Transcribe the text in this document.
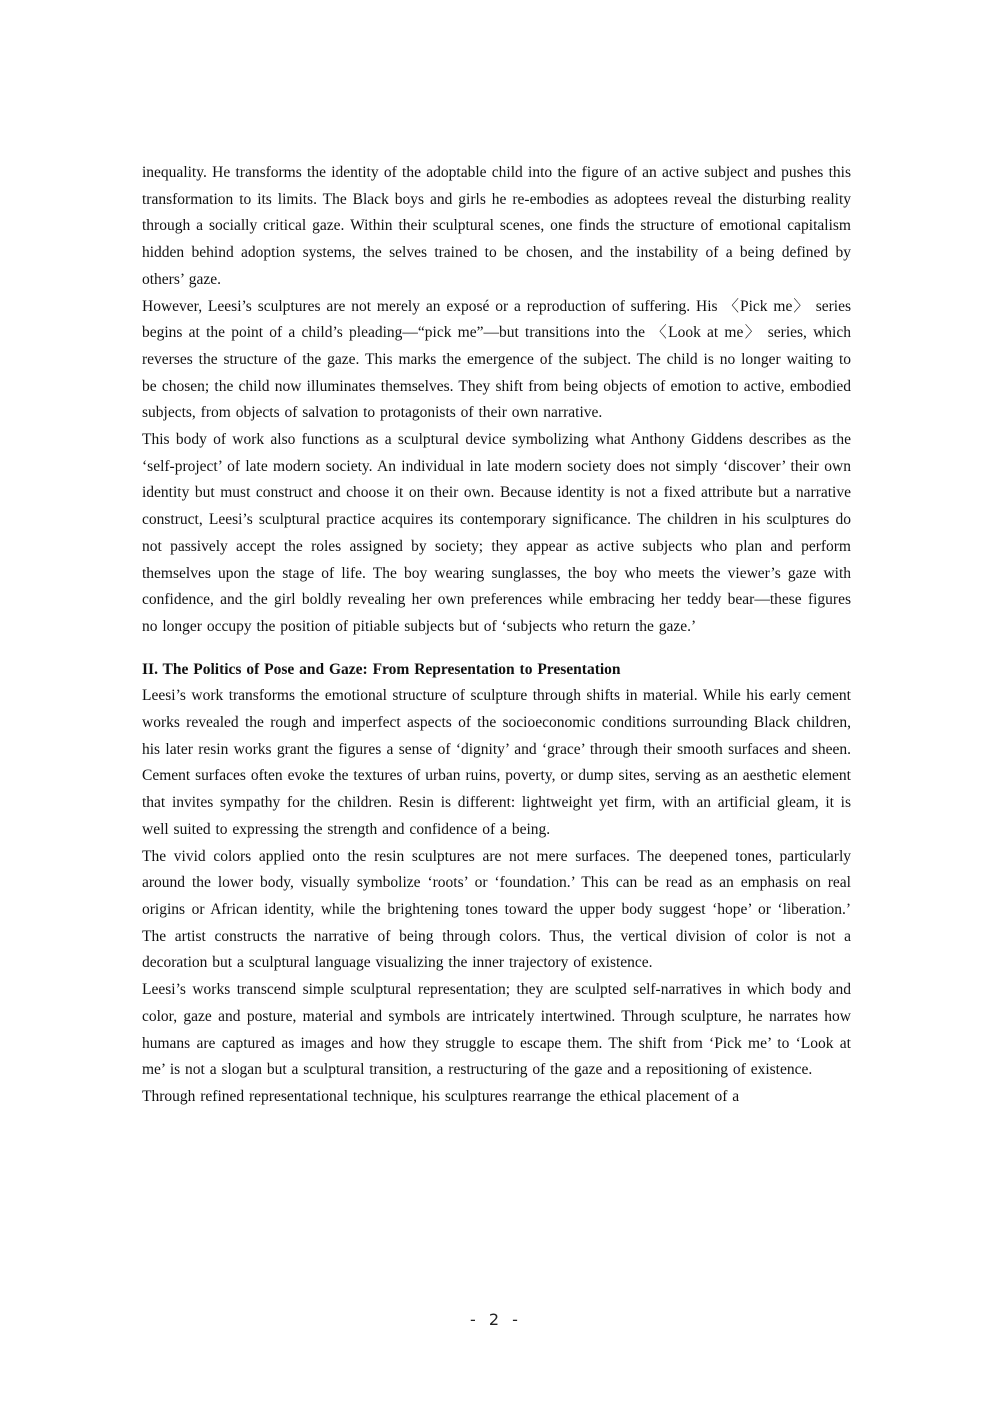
inequality. He transforms the identity of the adoptable child into the figure of an active subject and pushes this transformation to its limits. The Black boys and girls he re-embodies as adoptees reveal the disturbing reality through a socially critical gaze. Within their sculptural scenes, one finds the structure of emotional capitalism hidden behind adoption systems, the selves trained to be chosen, and the instability of a being defined by others’ gaze.

However, Leesi’s sculptures are not merely an exposé or a reproduction of suffering. His 〈Pick me〉 series begins at the point of a child’s pleading—“pick me”—but transitions into the 〈Look at me〉 series, which reverses the structure of the gaze. This marks the emergence of the subject. The child is no longer waiting to be chosen; the child now illuminates themselves. They shift from being objects of emotion to active, embodied subjects, from objects of salvation to protagonists of their own narrative.

This body of work also functions as a sculptural device symbolizing what Anthony Giddens describes as the ‘self-project’ of late modern society. An individual in late modern society does not simply ‘discover’ their own identity but must construct and choose it on their own. Because identity is not a fixed attribute but a narrative construct, Leesi’s sculptural practice acquires its contemporary significance. The children in his sculptures do not passively accept the roles assigned by society; they appear as active subjects who plan and perform themselves upon the stage of life. The boy wearing sunglasses, the boy who meets the viewer’s gaze with confidence, and the girl boldly revealing her own preferences while embracing her teddy bear—these figures no longer occupy the position of pitiable subjects but of ‘subjects who return the gaze.’

II. The Politics of Pose and Gaze: From Representation to Presentation

Leesi’s work transforms the emotional structure of sculpture through shifts in material. While his early cement works revealed the rough and imperfect aspects of the socioeconomic conditions surrounding Black children, his later resin works grant the figures a sense of ‘dignity’ and ‘grace’ through their smooth surfaces and sheen. Cement surfaces often evoke the textures of urban ruins, poverty, or dump sites, serving as an aesthetic element that invites sympathy for the children. Resin is different: lightweight yet firm, with an artificial gleam, it is well suited to expressing the strength and confidence of a being.

The vivid colors applied onto the resin sculptures are not mere surfaces. The deepened tones, particularly around the lower body, visually symbolize ‘roots’ or ‘foundation.’ This can be read as an emphasis on real origins or African identity, while the brightening tones toward the upper body suggest ‘hope’ or ‘liberation.’ The artist constructs the narrative of being through colors. Thus, the vertical division of color is not a decoration but a sculptural language visualizing the inner trajectory of existence.

Leesi’s works transcend simple sculptural representation; they are sculpted self-narratives in which body and color, gaze and posture, material and symbols are intricately intertwined. Through sculpture, he narrates how humans are captured as images and how they struggle to escape them. The shift from ‘Pick me’ to ‘Look at me’ is not a slogan but a sculptural transition, a restructuring of the gaze and a repositioning of existence.

Through refined representational technique, his sculptures rearrange the ethical placement of a

- 2 -
